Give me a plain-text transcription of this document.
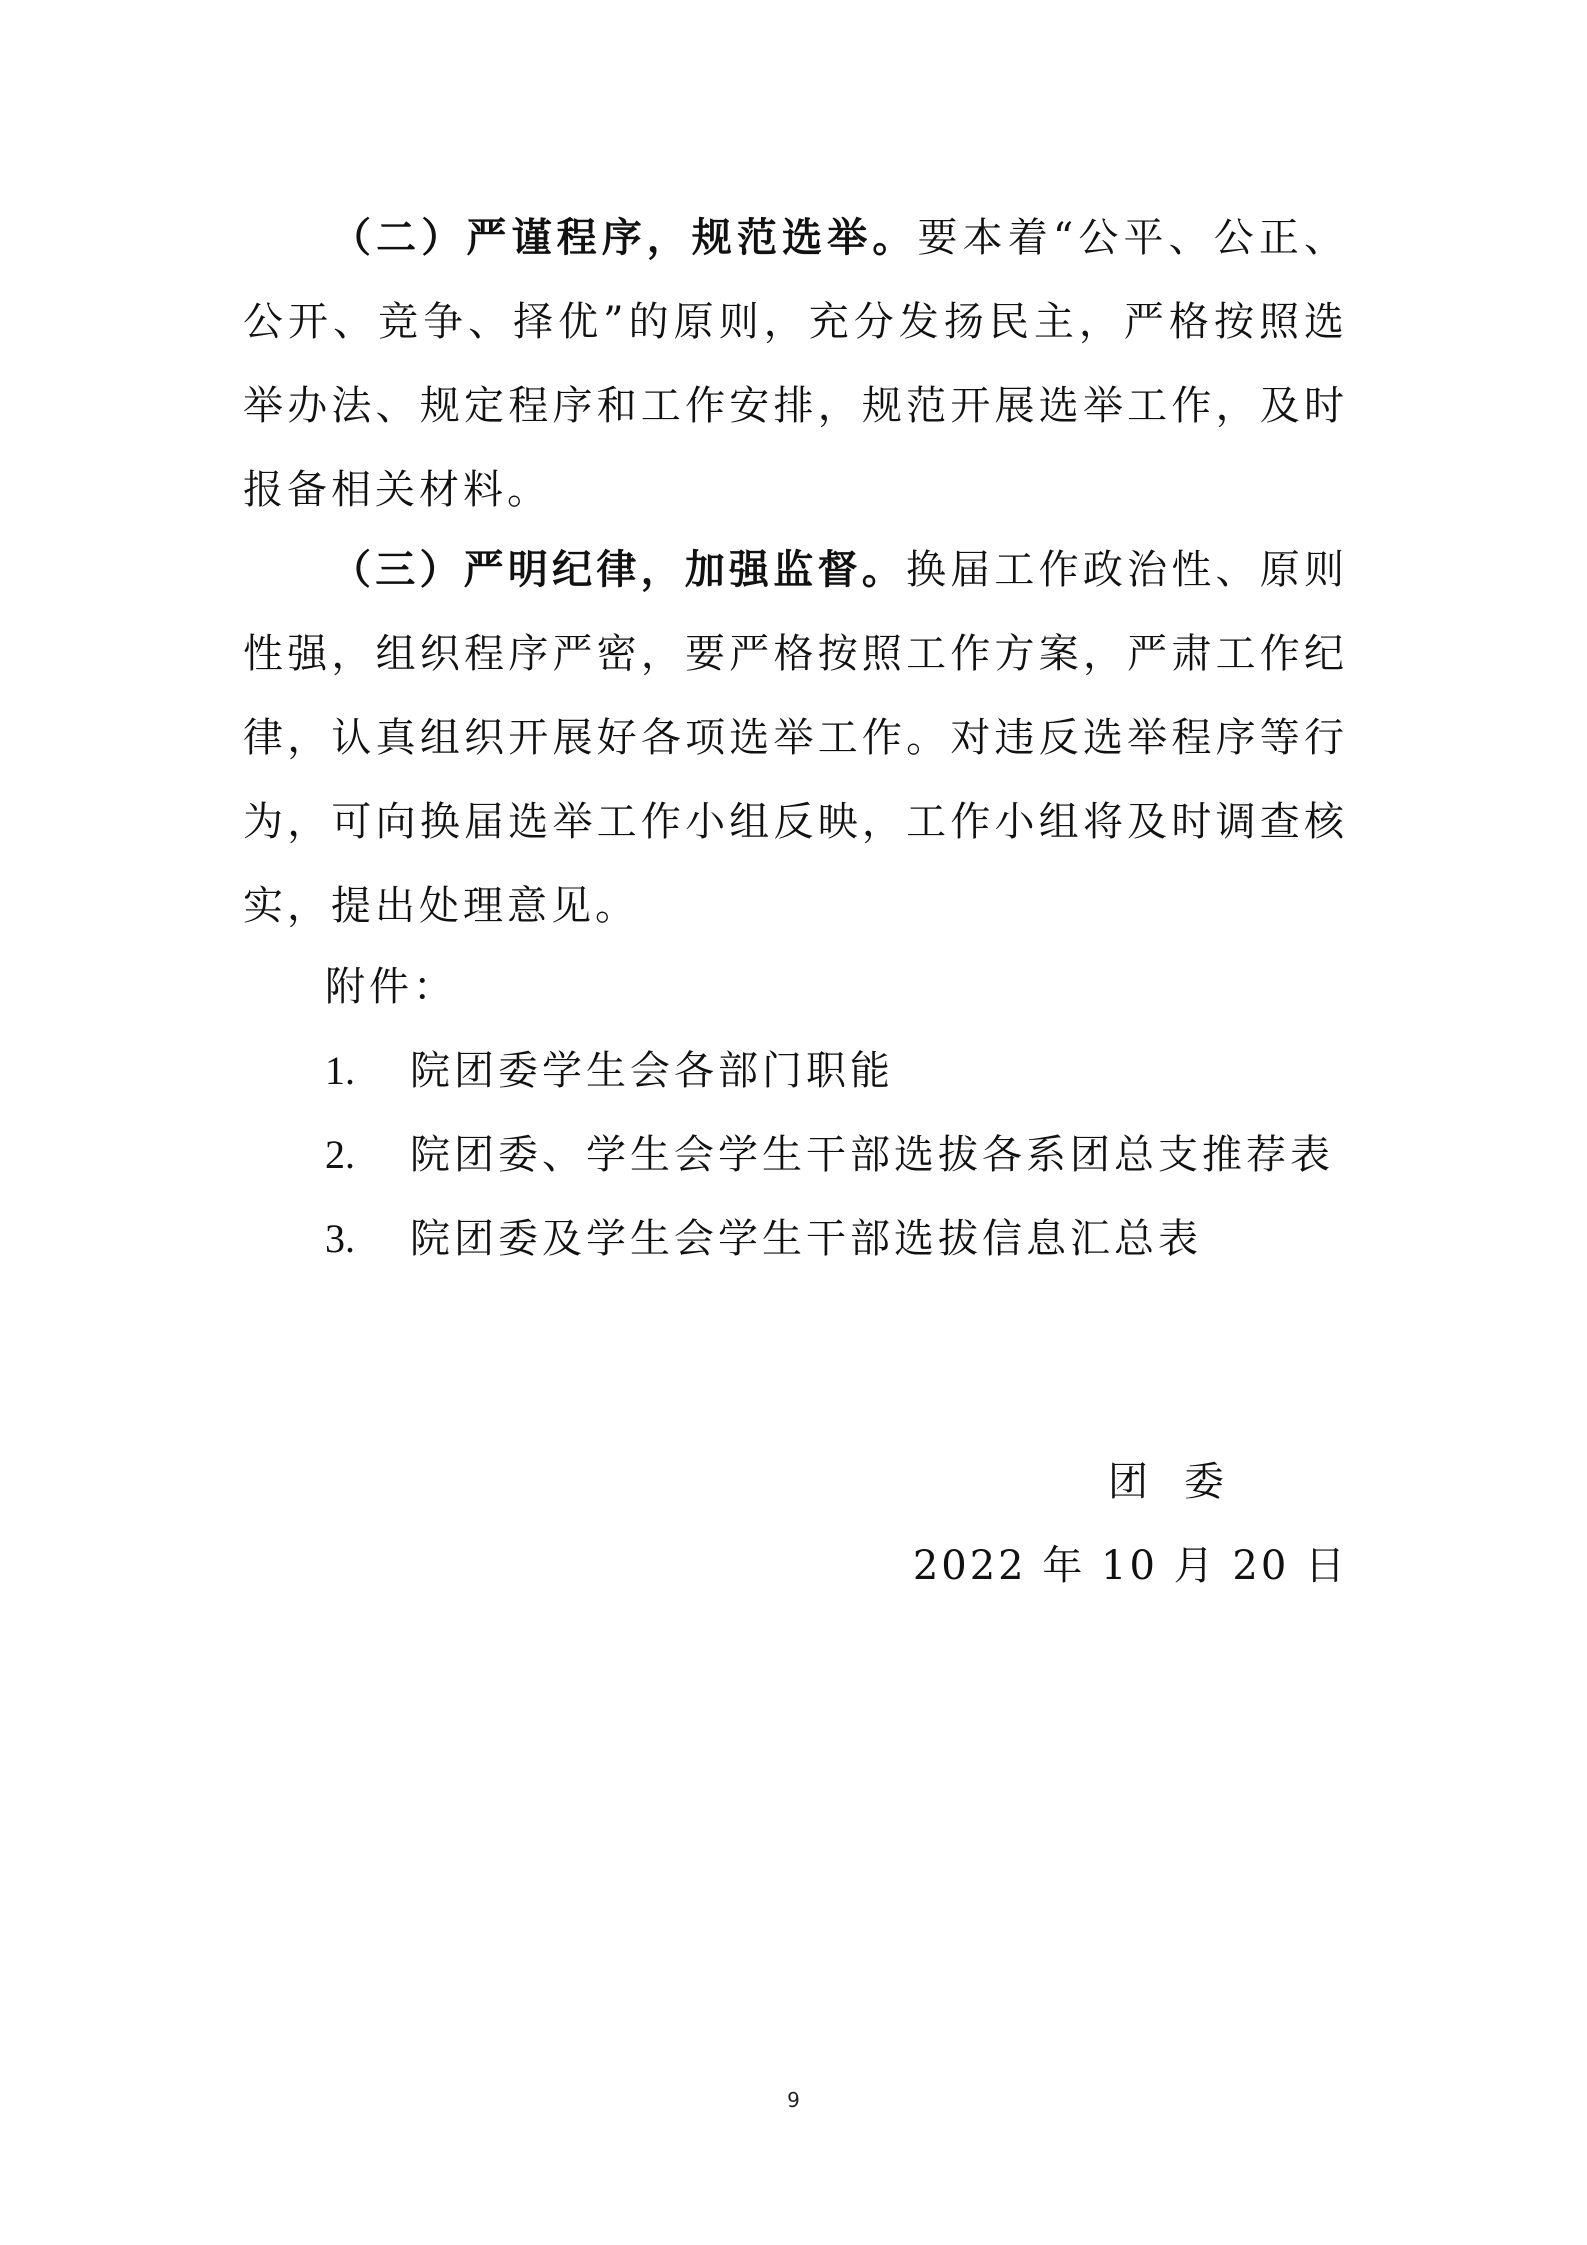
（二）严谨程序，规范选举。要本着“公平、公正、公开、竞争、择优”的原则，充分发扬民主，严格按照选举办法、规定程序和工作安排，规范开展选举工作，及时报备相关材料。

（三）严明纪律，加强监督。换届工作政治性、原则性强，组织程序严密，要严格按照工作方案，严肃工作纪律，认真组织开展好各项选举工作。对违反选举程序等行为，可向换届选举工作小组反映，工作小组将及时调查核实，提出处理意见。

附件：
1.	院团委学生会各部门职能
2.	院团委、学生会学生干部选拔各系团总支推荐表
3.	院团委及学生会学生干部选拔信息汇总表
团委
2022 年 10 月 20 日
9
